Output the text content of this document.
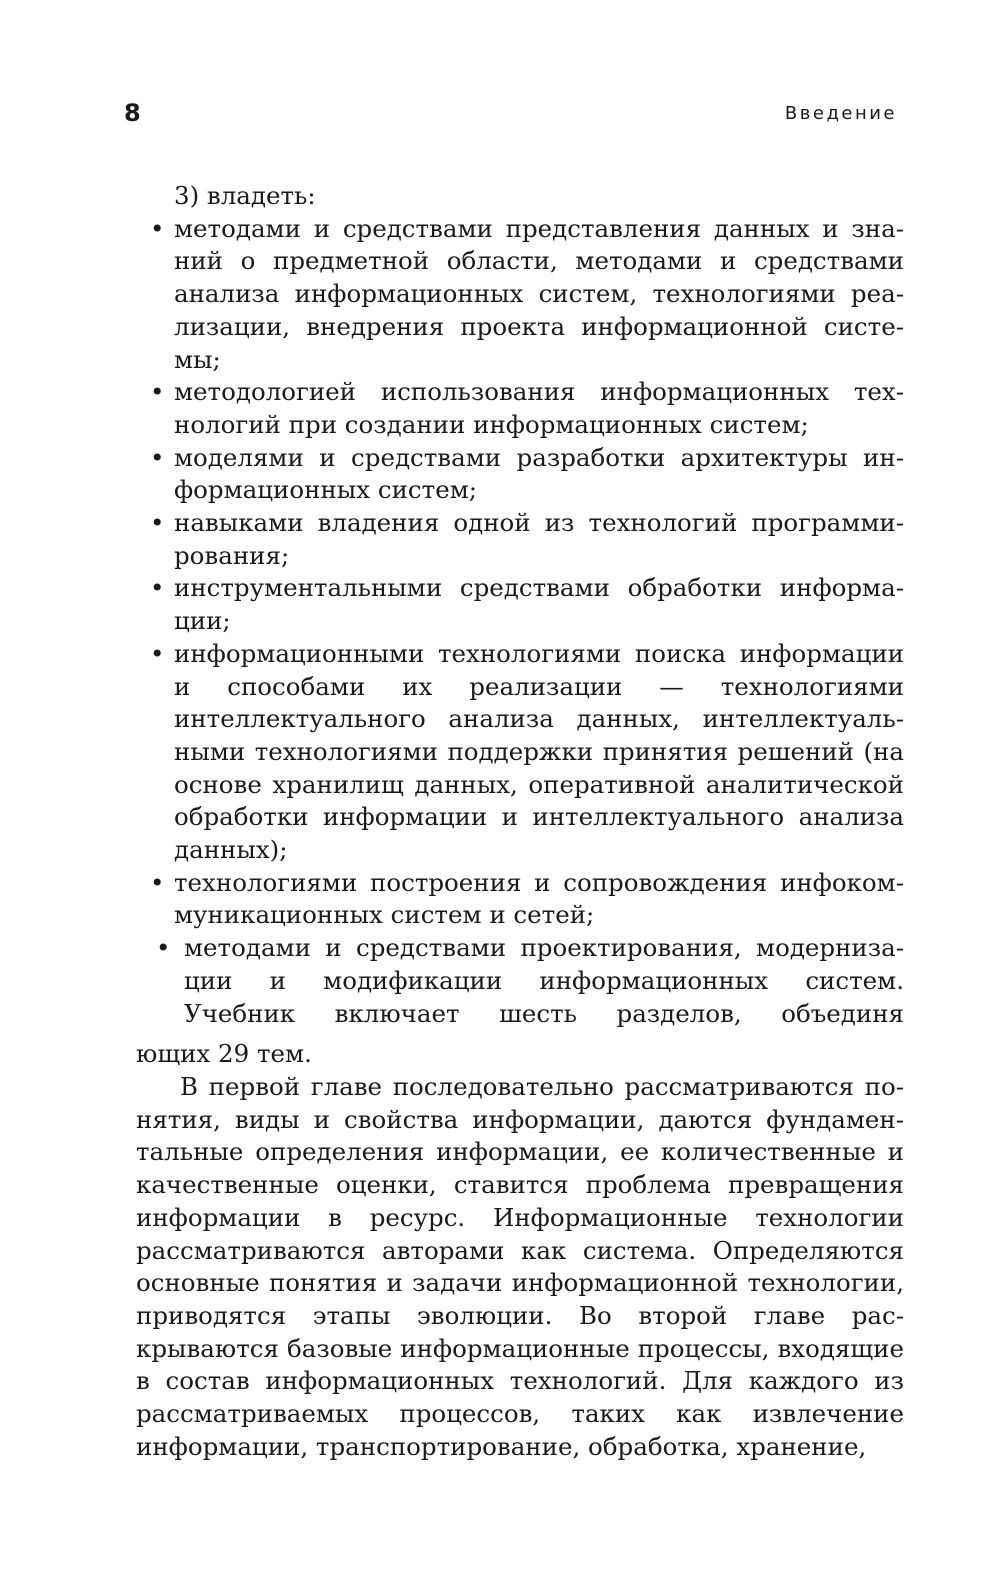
8	Введение
3) владеть:
• методами и средствами представления данных и знаний о предметной области, методами и средствами анализа информационных систем, технологиями реализации, внедрения проекта информационной системы;
• методологией использования информационных технологий при создании информационных систем;
• моделями и средствами разработки архитектуры информационных систем;
• навыками владения одной из технологий программирования;
• инструментальными средствами обработки информации;
• информационными технологиями поиска информации и способами их реализации — технологиями интеллектуального анализа данных, интеллектуальными технологиями поддержки принятия решений (на основе хранилищ данных, оперативной аналитической обработки информации и интеллектуального анализа данных);
• технологиями построения и сопровождения инфокоммуникационных систем и сетей;
• методами и средствами проектирования, модернизации и модификации информационных систем. Учебник включает шесть разделов, объединя
ющих 29 тем.

В первой главе последовательно рассматриваются понятия, виды и свойства информации, даются фундаментальные определения информации, ее количественные и качественные оценки, ставится проблема превращения информации в ресурс. Информационные технологии рассматриваются авторами как система. Определяются основные понятия и задачи информационной технологии, приводятся этапы эволюции. Во второй главе раскрываются базовые информационные процессы, входящие в состав информационных технологий. Для каждого из рассматриваемых процессов, таких как извлечение информации, транспортирование, обработка, хранение,
